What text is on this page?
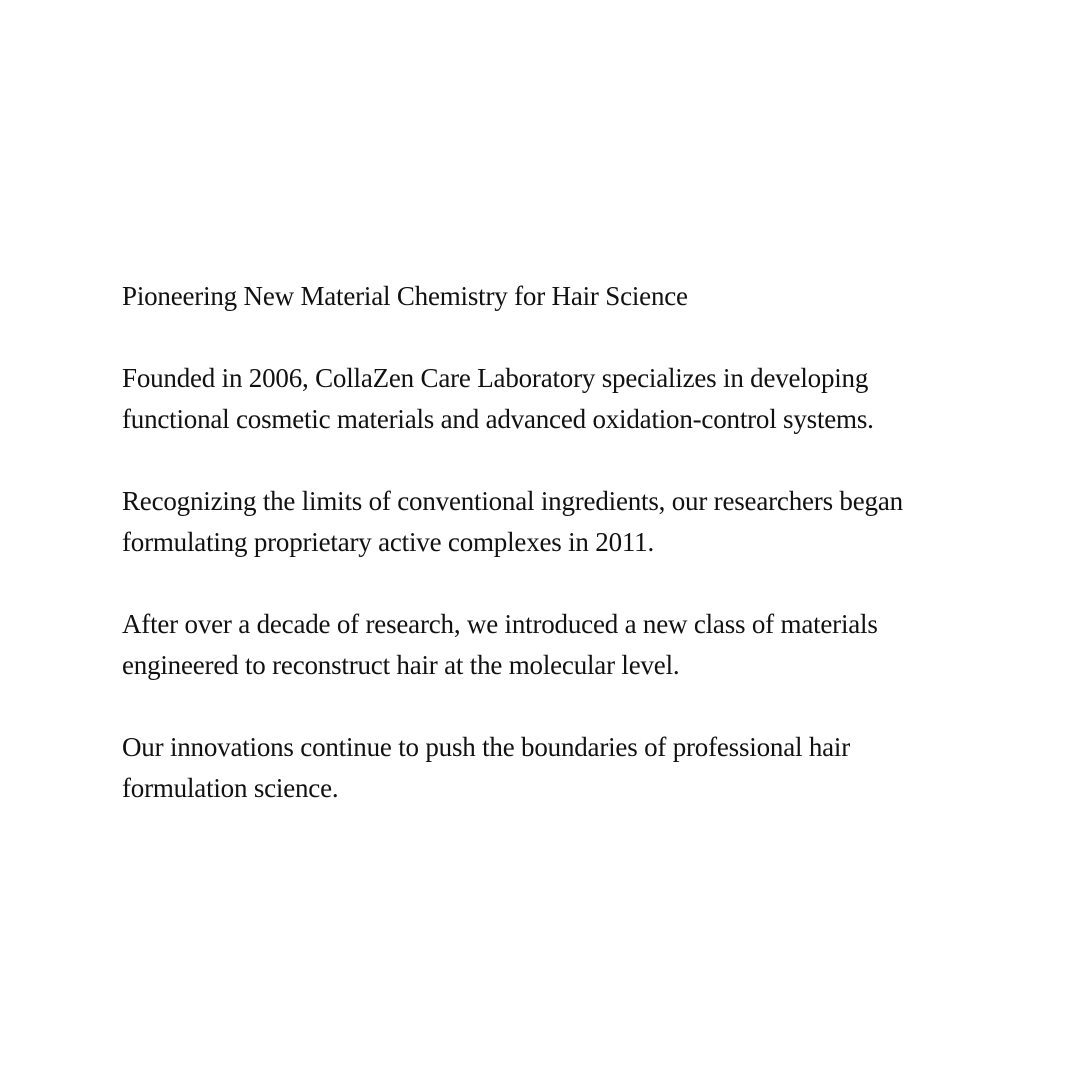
Pioneering New Material Chemistry for Hair Science

Founded in 2006, CollaZen Care Laboratory specializes in developing functional cosmetic materials and advanced oxidation-control systems.

Recognizing the limits of conventional ingredients, our researchers began formulating proprietary active complexes in 2011.

After over a decade of research, we introduced a new class of materials engineered to reconstruct hair at the molecular level.

Our innovations continue to push the boundaries of professional hair formulation science.
